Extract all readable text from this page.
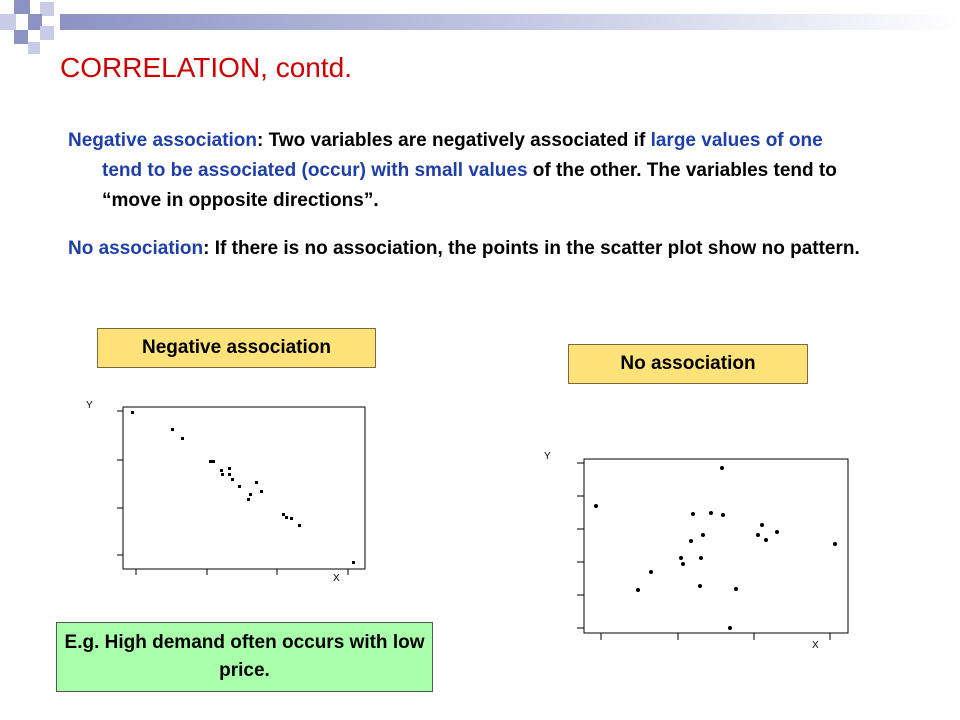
CORRELATION, contd.
Negative association: Two variables are negatively associated if large values of one tend to be associated (occur) with small values of the other. The variables tend to “move in opposite directions”.
No association: If there is no association, the points in the scatter plot show no pattern.
Negative association
No association
Y
X
Y
X
E.g. High demand often occurs with low price.
